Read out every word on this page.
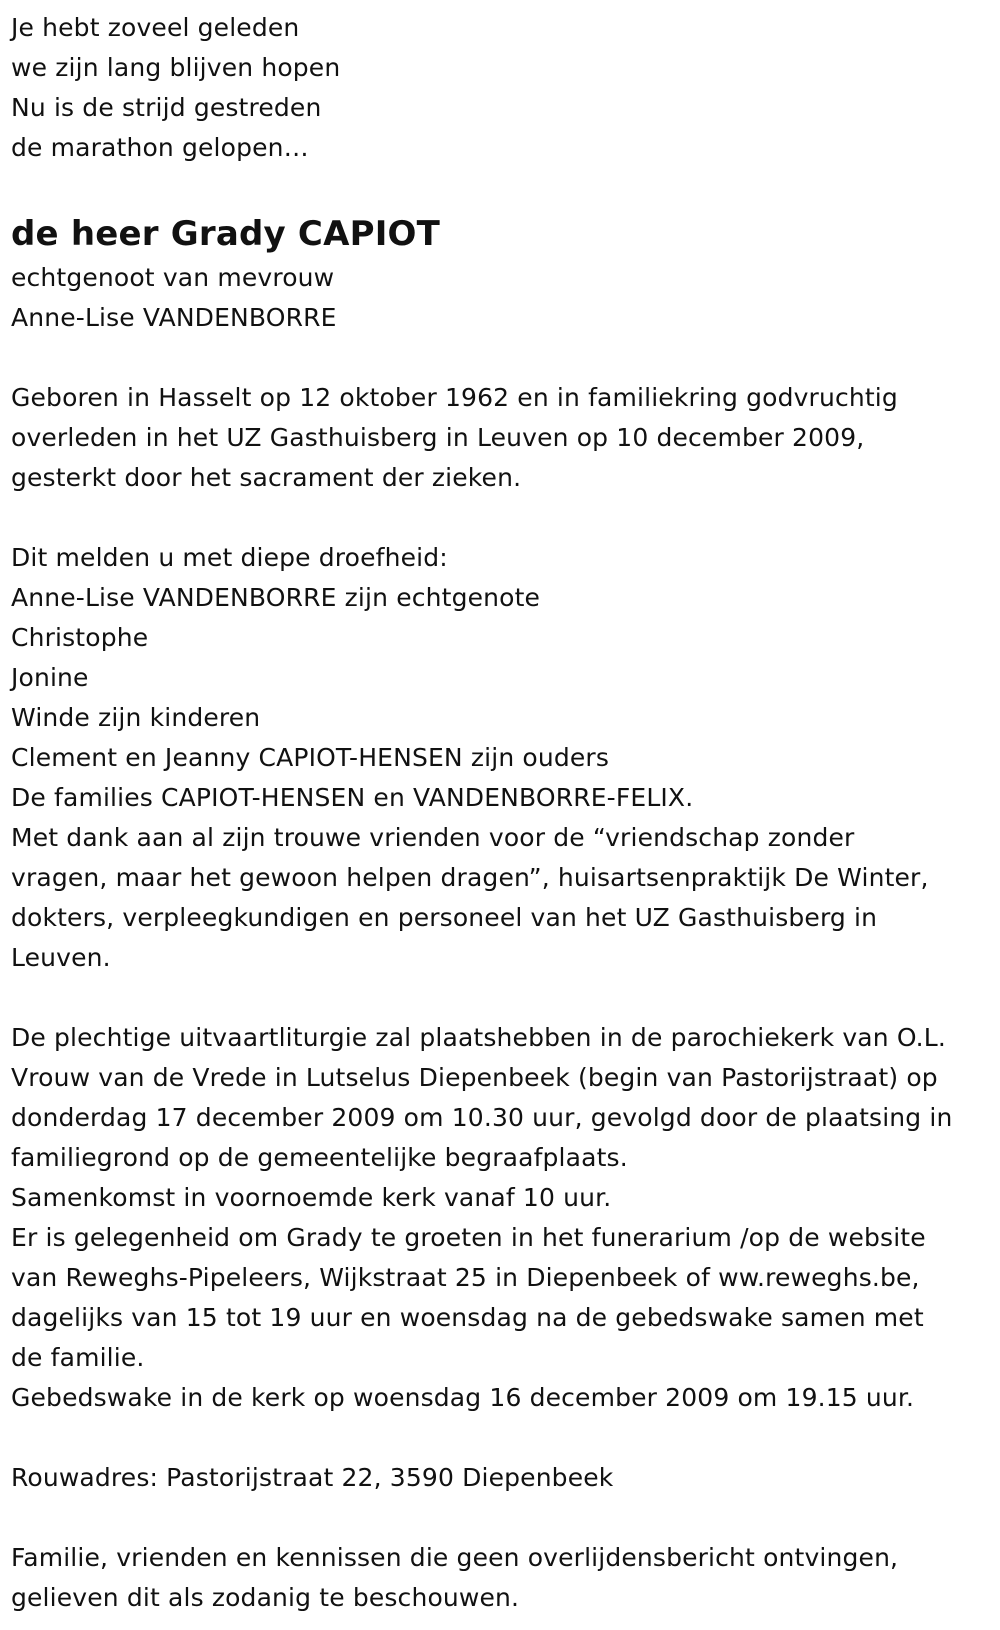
Je hebt zoveel geleden
we zijn lang blijven hopen
Nu is de strijd gestreden
de marathon gelopen…
de heer Grady CAPIOT
echtgenoot van mevrouw
Anne-Lise VANDENBORRE
Geboren in Hasselt op 12 oktober 1962 en in familiekring godvruchtig
overleden in het UZ Gasthuisberg in Leuven op 10 december 2009,
gesterkt door het sacrament der zieken.
Dit melden u met diepe droefheid:
Anne-Lise VANDENBORRE zijn echtgenote
Christophe
Jonine
Winde zijn kinderen
Clement en Jeanny CAPIOT-HENSEN zijn ouders
De families CAPIOT-HENSEN en VANDENBORRE-FELIX.
Met dank aan al zijn trouwe vrienden voor de “vriendschap zonder
vragen, maar het gewoon helpen dragen”, huisartsenpraktijk De Winter,
dokters, verpleegkundigen en personeel van het UZ Gasthuisberg in
Leuven.
De plechtige uitvaartliturgie zal plaatshebben in de parochiekerk van O.L.
Vrouw van de Vrede in Lutselus Diepenbeek (begin van Pastorijstraat) op
donderdag 17 december 2009 om 10.30 uur, gevolgd door de plaatsing in
familiegrond op de gemeentelijke begraafplaats.
Samenkomst in voornoemde kerk vanaf 10 uur.
Er is gelegenheid om Grady te groeten in het funerarium /op de website
van Reweghs-Pipeleers, Wijkstraat 25 in Diepenbeek of ww.reweghs.be,
dagelijks van 15 tot 19 uur en woensdag na de gebedswake samen met
de familie.
Gebedswake in de kerk op woensdag 16 december 2009 om 19.15 uur.
Rouwadres: Pastorijstraat 22, 3590 Diepenbeek
Familie, vrienden en kennissen die geen overlijdensbericht ontvingen,
gelieven dit als zodanig te beschouwen.
